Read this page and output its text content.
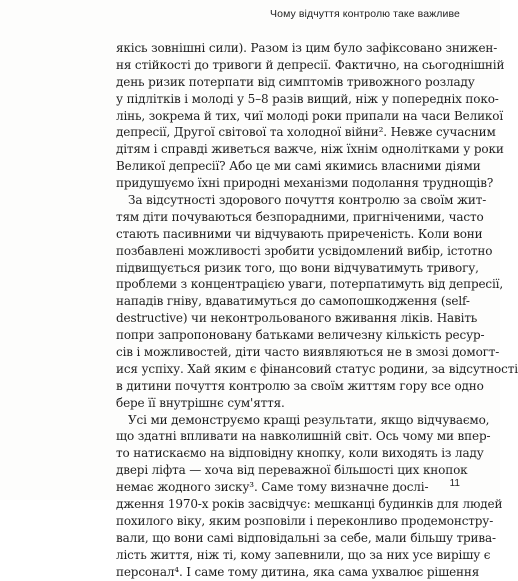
Чому відчуття контролю таке важливе
якісь зовнішні сили). Разом із цим було зафіксовано знижен-
ня стійкості до тривоги й депресії. Фактично, на сьогоднішній
день ризик потерпати від симптомів тривожного розладу
у підлітків і молоді у 5–8 разів вищий, ніж у попередніх поко-
лінь, зокрема й тих, чиї молоді роки припали на часи Великої
депресії, Другої світової та холодної війни². Невже сучасним
дітям і справді живеться важче, ніж їхнім однолітками у роки
Великої депресії? Або це ми самі якимись власними діями
придушуємо їхні природні механізми подолання труднощів?
За відсутності здорового почуття контролю за своїм жит-
тям діти почуваються безпорадними, пригніченими, часто
стають пасивними чи відчувають приреченість. Коли вони
позбавлені можливості зробити усвідомлений вибір, істотно
підвищується ризик того, що вони відчуватимуть тривогу,
проблеми з концентрацією уваги, потерпатимуть від депресії,
нападів гніву, вдаватимуться до самопошкодження (self-
destructive) чи неконтрольованого вживання ліків. Навіть
попри запропоновану батьками величезну кількість ресур-
сів і можливостей, діти часто виявляються не в змозі домогт-
ися успіху. Хай яким є фінансовий статус родини, за відсутності
в дитини почуття контролю за своїм життям гору все одно
бере її внутрішнє сум'яття.
Усі ми демонструємо кращі результати, якщо відчуваємо,
що здатні впливати на навколишній світ. Ось чому ми впер-
то натискаємо на відповідну кнопку, коли виходять із ладу
двері ліфта — хоча від переважної більшості цих кнопок
немає жодного зиску³. Саме тому визначне дослі-
дження 1970-х років засвідчує: мешканці будинків для людей
похилого віку, яким розповіли і переконливо продемонстру-
вали, що вони самі відповідальні за себе, мали більшу трива-
лість життя, ніж ті, кому запевнили, що за них усе вирішу є
персонал⁴. І саме тому дитина, яка сама ухвалює рішення
11
